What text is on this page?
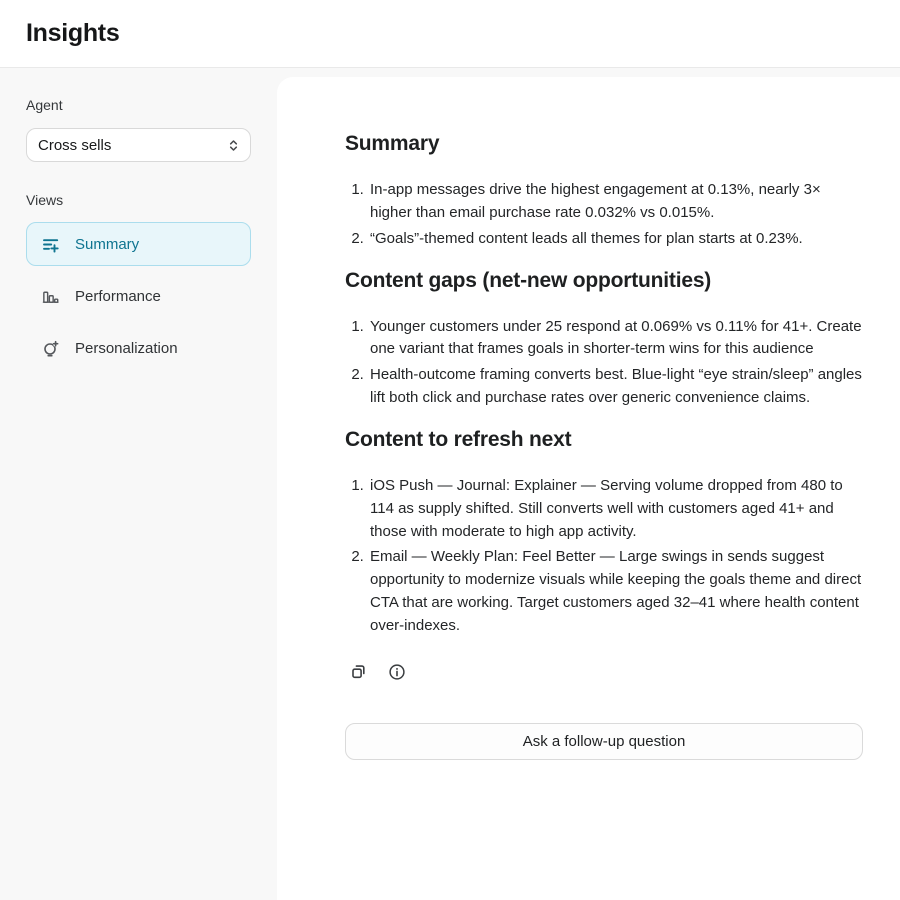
Insights
Agent
Cross sells
Views
Summary
Performance
Personalization
Summary
1. In-app messages drive the highest engagement at 0.13%, nearly 3× higher than email purchase rate 0.032% vs 0.015%.
2. “Goals”-themed content leads all themes for plan starts at 0.23%.
Content gaps (net-new opportunities)
1. Younger customers under 25 respond at 0.069% vs 0.11% for 41+. Create one variant that frames goals in shorter-term wins for this audience
2. Health-outcome framing converts best. Blue-light “eye strain/sleep” angles lift both click and purchase rates over generic convenience claims.
Content to refresh next
1. iOS Push — Journal: Explainer — Serving volume dropped from 480 to 114 as supply shifted. Still converts well with customers aged 41+ and those with moderate to high app activity.
2. Email — Weekly Plan: Feel Better — Large swings in sends suggest opportunity to modernize visuals while keeping the goals theme and direct CTA that are working. Target customers aged 32–41 where health content over-indexes.
Ask a follow-up question
